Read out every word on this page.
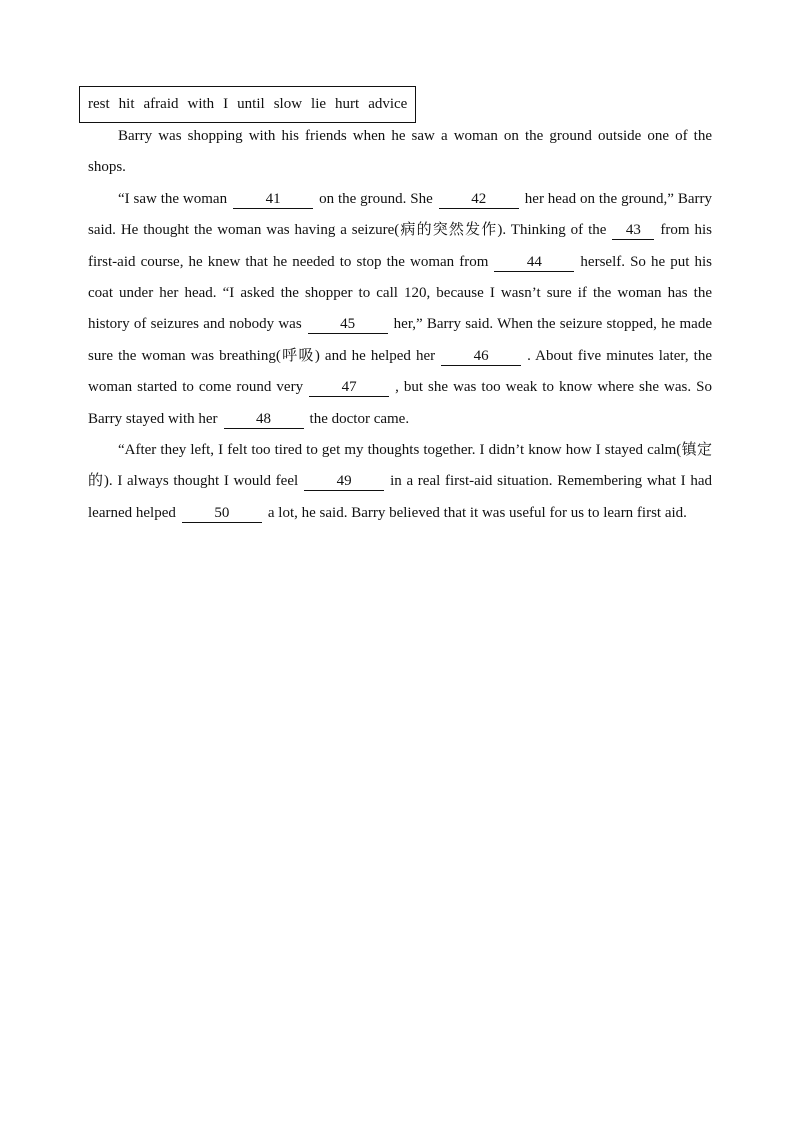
rest hit afraid with I until slow lie hurt advice

Barry was shopping with his friends when he saw a woman on the ground outside one of the shops.

“I saw the woman	41	on the ground. She	42	her head on the ground,” Barry said. He thought the woman was having a seizure(病的突然发作). Thinking of the 43 from his first-aid course, he knew that he needed to stop the woman from	44	herself. So he put his coat under her head. “I asked the shopper to call 120, because I wasn’t sure if the woman has the history of seizures and nobody was	45	her,” Barry said. When the seizure stopped, he made sure the woman was breathing(呼吸) and he helped her	46	. About five minutes later, the woman started to come round very	47	, but she was too weak to know where she was. So Barry stayed with her	48	the doctor came.

“After they left, I felt too tired to get my thoughts together. I didn’t know how I stayed calm(镇定的). I always thought I would feel	49	in a real first-aid situation. Remembering what I had learned helped	50	a lot, he said. Barry believed that it was useful for us to learn first aid.
